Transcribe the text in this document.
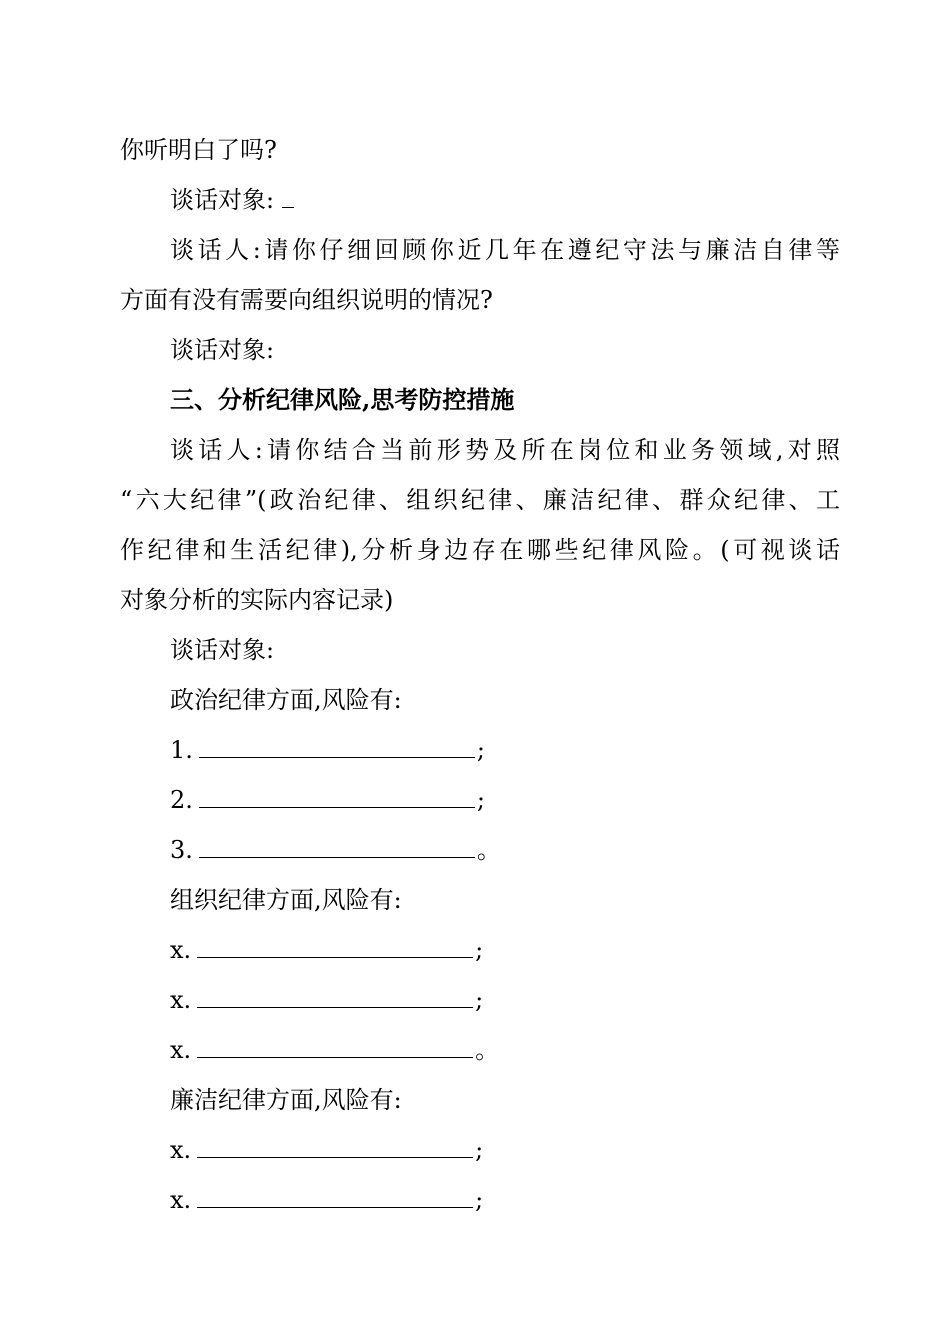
你听明白了吗?
谈话对象:
谈话人:请你仔细回顾你近几年在遵纪守法与廉洁自律等
方面有没有需要向组织说明的情况?
谈话对象:
三、分析纪律风险,思考防控措施
谈话人:请你结合当前形势及所在岗位和业务领域,对照
“六大纪律”(政治纪律、组织纪律、廉洁纪律、群众纪律、工
作纪律和生活纪律),分析身边存在哪些纪律风险。(可视谈话
对象分析的实际内容记录)
谈话对象:
政治纪律方面,风险有:
1.	;
2.	;
3.	。
组织纪律方面,风险有:
x.	;
x.	;
x.	。
廉洁纪律方面,风险有:
x.	;
x.	;
